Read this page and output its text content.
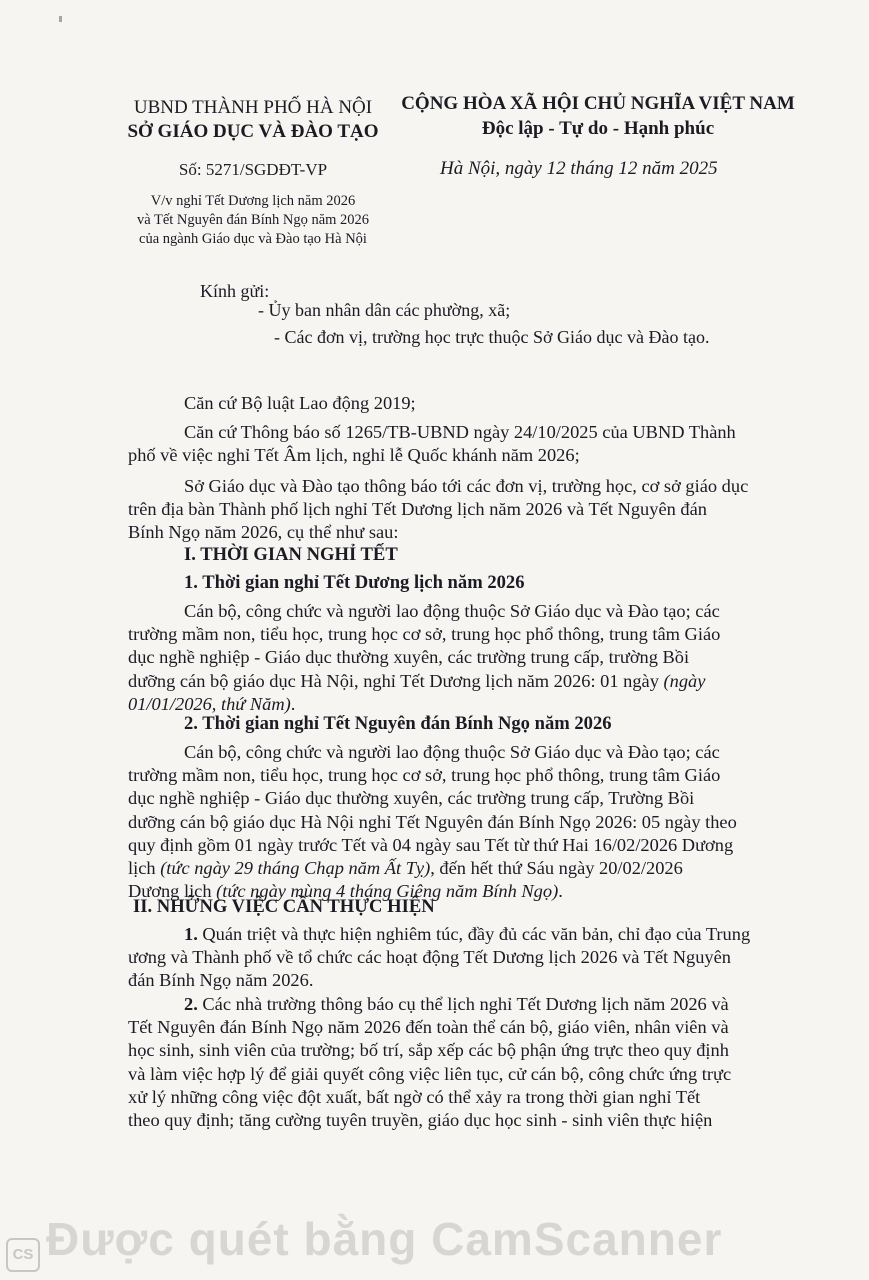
UBND THÀNH PHỐ HÀ NỘI
SỞ GIÁO DỤC VÀ ĐÀO TẠO
CỘNG HÒA XÃ HỘI CHỦ NGHĨA VIỆT NAM
Độc lập - Tự do - Hạnh phúc
Số: 5271/SGDĐT-VP	Hà Nội, ngày 12 tháng 12 năm 2025
V/v nghỉ Tết Dương lịch năm 2026
và Tết Nguyên đán Bính Ngọ năm 2026
của ngành Giáo dục và Đào tạo Hà Nội
Kính gửi:
- Ủy ban nhân dân các phường, xã;
- Các đơn vị, trường học trực thuộc Sở Giáo dục và Đào tạo.
Căn cứ Bộ luật Lao động 2019;
Căn cứ Thông báo số 1265/TB-UBND ngày 24/10/2025 của UBND Thành
phố về việc nghỉ Tết Âm lịch, nghỉ lễ Quốc khánh năm 2026;
Sở Giáo dục và Đào tạo thông báo tới các đơn vị, trường học, cơ sở giáo dục
trên địa bàn Thành phố lịch nghỉ Tết Dương lịch năm 2026 và Tết Nguyên đán
Bính Ngọ năm 2026, cụ thể như sau:
I. THỜI GIAN NGHỈ TẾT
1. Thời gian nghỉ Tết Dương lịch năm 2026
Cán bộ, công chức và người lao động thuộc Sở Giáo dục và Đào tạo; các
trường mầm non, tiểu học, trung học cơ sở, trung học phổ thông, trung tâm Giáo
dục nghề nghiệp - Giáo dục thường xuyên, các trường trung cấp, trường Bồi
dưỡng cán bộ giáo dục Hà Nội, nghỉ Tết Dương lịch năm 2026: 01 ngày (ngày
01/01/2026, thứ Năm).
2. Thời gian nghỉ Tết Nguyên đán Bính Ngọ năm 2026
Cán bộ, công chức và người lao động thuộc Sở Giáo dục và Đào tạo; các
trường mầm non, tiểu học, trung học cơ sở, trung học phổ thông, trung tâm Giáo
dục nghề nghiệp - Giáo dục thường xuyên, các trường trung cấp, Trường Bồi
dưỡng cán bộ giáo dục Hà Nội nghỉ Tết Nguyên đán Bính Ngọ 2026: 05 ngày theo
quy định gồm 01 ngày trước Tết và 04 ngày sau Tết từ thứ Hai 16/02/2026 Dương
lịch (tức ngày 29 tháng Chạp năm Ất Tỵ), đến hết thứ Sáu ngày 20/02/2026
Dương lịch (tức ngày mùng 4 tháng Giêng năm Bính Ngọ).
II. NHỮNG VIỆC CẦN THỰC HIỆN
1. Quán triệt và thực hiện nghiêm túc, đầy đủ các văn bản, chỉ đạo của Trung
ương và Thành phố về tổ chức các hoạt động Tết Dương lịch 2026 và Tết Nguyên
đán Bính Ngọ năm 2026.
2. Các nhà trường thông báo cụ thể lịch nghỉ Tết Dương lịch năm 2026 và
Tết Nguyên đán Bính Ngọ năm 2026 đến toàn thể cán bộ, giáo viên, nhân viên và
học sinh, sinh viên của trường; bố trí, sắp xếp các bộ phận ứng trực theo quy định
và làm việc hợp lý để giải quyết công việc liên tục, cử cán bộ, công chức ứng trực
xử lý những công việc đột xuất, bất ngờ có thể xảy ra trong thời gian nghỉ Tết
theo quy định; tăng cường tuyên truyền, giáo dục học sinh - sinh viên thực hiện
CS Được quét bằng CamScanner
